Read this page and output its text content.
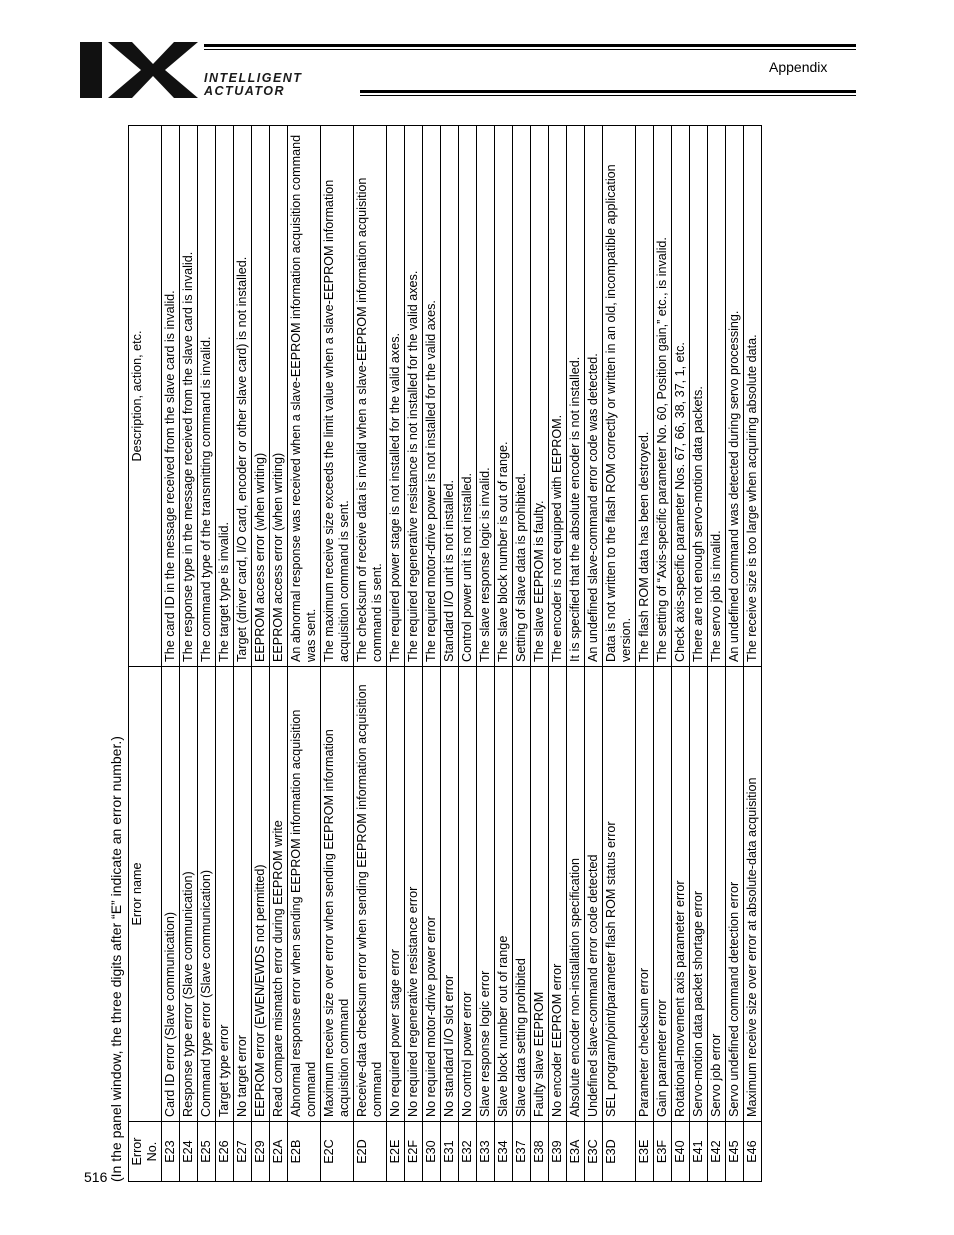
INTELLIGENT
ACTUATOR
Appendix
516 (In the panel window, the three digits after “E” indicate an error number.) Error No.	Error name	Description, action, etc.
E23	Card ID error (Slave communication)	The card ID in the message received from the slave card is invalid.
E24	Response type error (Slave communication)	The response type in the message received from the slave card is invalid.
E25	Command type error (Slave communication)	The command type of the transmitting command is invalid.
E26	Target type error	The target type is invalid.
E27	No target error	Target (driver card, I/O card, encoder or other slave card) is not installed.
E29	EEPROM error (EWEN/EWDS not permitted)	EEPROM access error (when writing)
E2A	Read compare mismatch error during EEPROM write	EEPROM access error (when writing)
E2B	Abnormal response error when sending EEPROM information acquisition command	An abnormal response was received when a slave-EEPROM information acquisition command was sent.
E2C	Maximum receive size over error when sending EEPROM information acquisition command	The maximum receive size exceeds the limit value when a slave-EEPROM information acquisition command is sent.
E2D	Receive-data checksum error when sending EEPROM information acquisition command	The checksum of receive data is invalid when a slave-EEPROM information acquisition command is sent.
E2E	No required power stage error	The required power stage is not installed for the valid axes.
E2F	No required regenerative resistance error	The required regenerative resistance is not installed for the valid axes.
E30	No required motor-drive power error	The required motor-drive power is not installed for the valid axes.
E31	No standard I/O slot error	Standard I/O unit is not installed.
E32	No control power error	Control power unit is not installed.
E33	Slave response logic error	The slave response logic is invalid.
E34	Slave block number out of range	The slave block number is out of range.
E37	Slave data setting prohibited	Setting of slave data is prohibited.
E38	Faulty slave EEPROM	The slave EEPROM is faulty.
E39	No encoder EEPROM error	The encoder is not equipped with EEPROM.
E3A	Absolute encoder non-installation specification	It is specified that the absolute encoder is not installed.
E3C	Undefined slave-command error code detected	An undefined slave-command error code was detected.
E3D	SEL program/point/parameter flash ROM status error	Data is not written to the flash ROM correctly or written in an old, incompatible application version.
E3E	Parameter checksum error	The flash ROM data has been destroyed.
E3F	Gain parameter error	The setting of “Axis-specific parameter No. 60, Position gain,” etc., is invalid.
E40	Rotational-movement axis parameter error	Check axis-specific parameter Nos. 67, 66, 38, 37, 1, etc.
E41	Servo-motion data packet shortage error	There are not enough servo-motion data packets.
E42	Servo job error	The servo job is invalid.
E45	Servo undefined command detection error	An undefined command was detected during servo processing.
E46	Maximum receive size over error at absolute-data acquisition	The receive size is too large when acquiring absolute data.
